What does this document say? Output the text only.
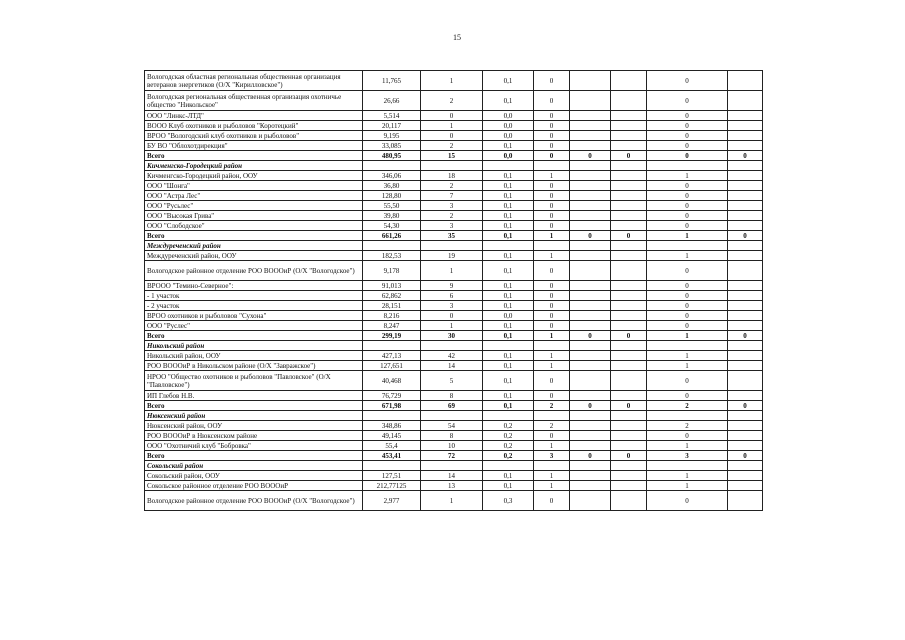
15
Вологодская областная региональная общественная организация ветеранов энергетиков (О/Х "Кирилловское")	11,765	1	0,1	0			0	
Вологодская региональная общественная организация охотничье общество "Никольское"	26,66	2	0,1	0			0	
ООО "Линкс-ЛТД"	5,514	0	0,0	0			0	
ВООО Клуб охотников и рыболовов "Коротецкий"	20,117	1	0,0	0			0	
ВРОО "Вологодский клуб охотников и рыболовов"	9,195	0	0,0	0			0	
БУ ВО "Облохотдирекция"	33,085	2	0,1	0			0	
Всего	480,95	15	0,0	0	0	0	0	0
Кичменгско-Городецкий район								
Кичменгско-Городецкий район, ООУ	346,06	18	0,1	1			1	
ООО "Шонга"	36,80	2	0,1	0			0	
ООО "Астра Лес"	128,80	7	0,1	0			0	
ООО "Русьлес"	55,50	3	0,1	0			0	
ООО "Высокая Грива"	39,80	2	0,1	0			0	
ООО "Слободское"	54,30	3	0,1	0			0	
Всего	661,26	35	0,1	1	0	0	1	0
Междуреченский район								
Междуреченский район, ООУ	182,53	19	0,1	1			1	
Вологодское районное отделение РОО ВОООиР (О/Х "Вологодское")	9,178	1	0,1	0			0	
ВРООО "Темино-Северное":	91,013	9	0,1	0			0	
- 1 участок	62,862	6	0,1	0			0	
- 2 участок	28,151	3	0,1	0			0	
ВРОО охотников и рыболовов "Сухона"	8,216	0	0,0	0			0	
ООО "Руслес"	8,247	1	0,1	0			0	
Всего	299,19	30	0,1	1	0	0	1	0
Никольский район								
Никольский район, ООУ	427,13	42	0,1	1			1	
РОО ВОООиР в Никольском районе (О/Х "Завражское")	127,651	14	0,1	1			1	
НРОО "Общество охотников и рыболовов "Павловское" (О/Х "Павловское")	40,468	5	0,1	0			0	
ИП Глебов Н.В.	76,729	8	0,1	0			0	
Всего	671,98	69	0,1	2	0	0	2	0
Нюксенский район								
Нюксенский район, ООУ	348,86	54	0,2	2			2	
РОО ВОООиР в Нюксенском районе	49,145	8	0,2	0			0	
ООО "Охотничий клуб "Бобровка"	55,4	10	0,2	1			1	
Всего	453,41	72	0,2	3	0	0	3	0
Сокольский район								
Сокольский район, ООУ	127,51	14	0,1	1			1	
Сокольское районное отделение РОО ВОООиР	212,77125	13	0,1	1			1	
Вологодское районное отделение РОО ВОООиР (О/Х "Вологодское")	2,977	1	0,3	0			0	
